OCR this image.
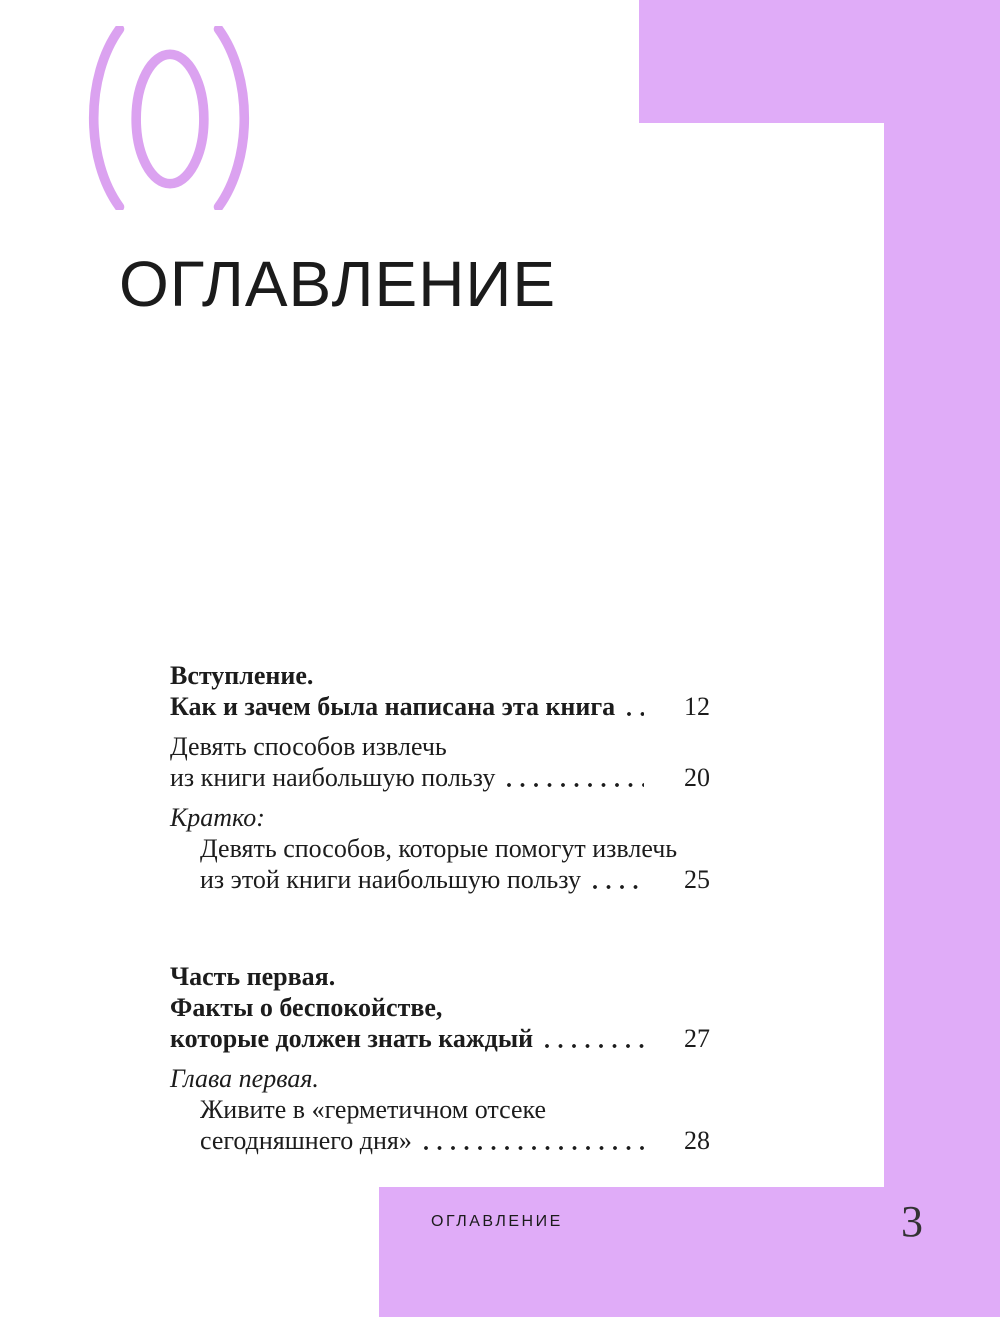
ОГЛАВЛЕНИЕ
Вступление.
Как и зачем была написана эта книга	12
Девять способов извлечь
из книги наибольшую пользу	20
Кратко:
Девять способов, которые помогут извлечь
из этой книги наибольшую пользу	25
Часть первая.
Факты о беспокойстве,
которые должен знать каждый	27
Глава первая.
Живите в «герметичном отсеке
сегодняшнего дня»	28
ОГЛАВЛЕНИЕ	3
